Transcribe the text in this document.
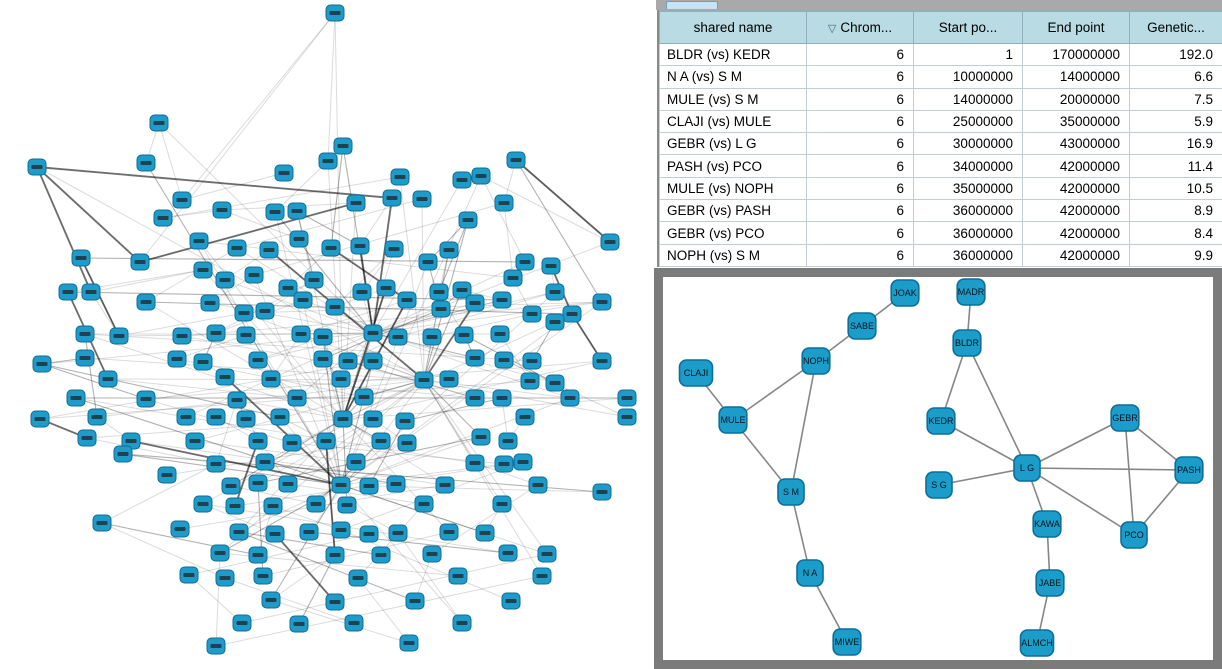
shared name	▽ Chrom...	Start po...	End point	Genetic...
BLDR (vs) KEDR	6	1	170000000	192.0
N A (vs) S M	6	10000000	14000000	6.6
MULE (vs) S M	6	14000000	20000000	7.5
CLAJI (vs) MULE	6	25000000	35000000	5.9
GEBR (vs) L G	6	30000000	43000000	16.9
PASH (vs) PCO	6	34000000	42000000	11.4
MULE (vs) NOPH	6	35000000	42000000	10.5
GEBR (vs) PASH	6	36000000	42000000	8.9
GEBR (vs) PCO	6	36000000	42000000	8.4
NOPH (vs) S M	6	36000000	42000000	9.9
CLAJI
NOPH
MULE
S M
N A
MIWE
SABE
JOAK	MADR
BLDR
KEDR
S G
L G
GEBR
PASH
KAWA
PCO
JABE
ALMCH
